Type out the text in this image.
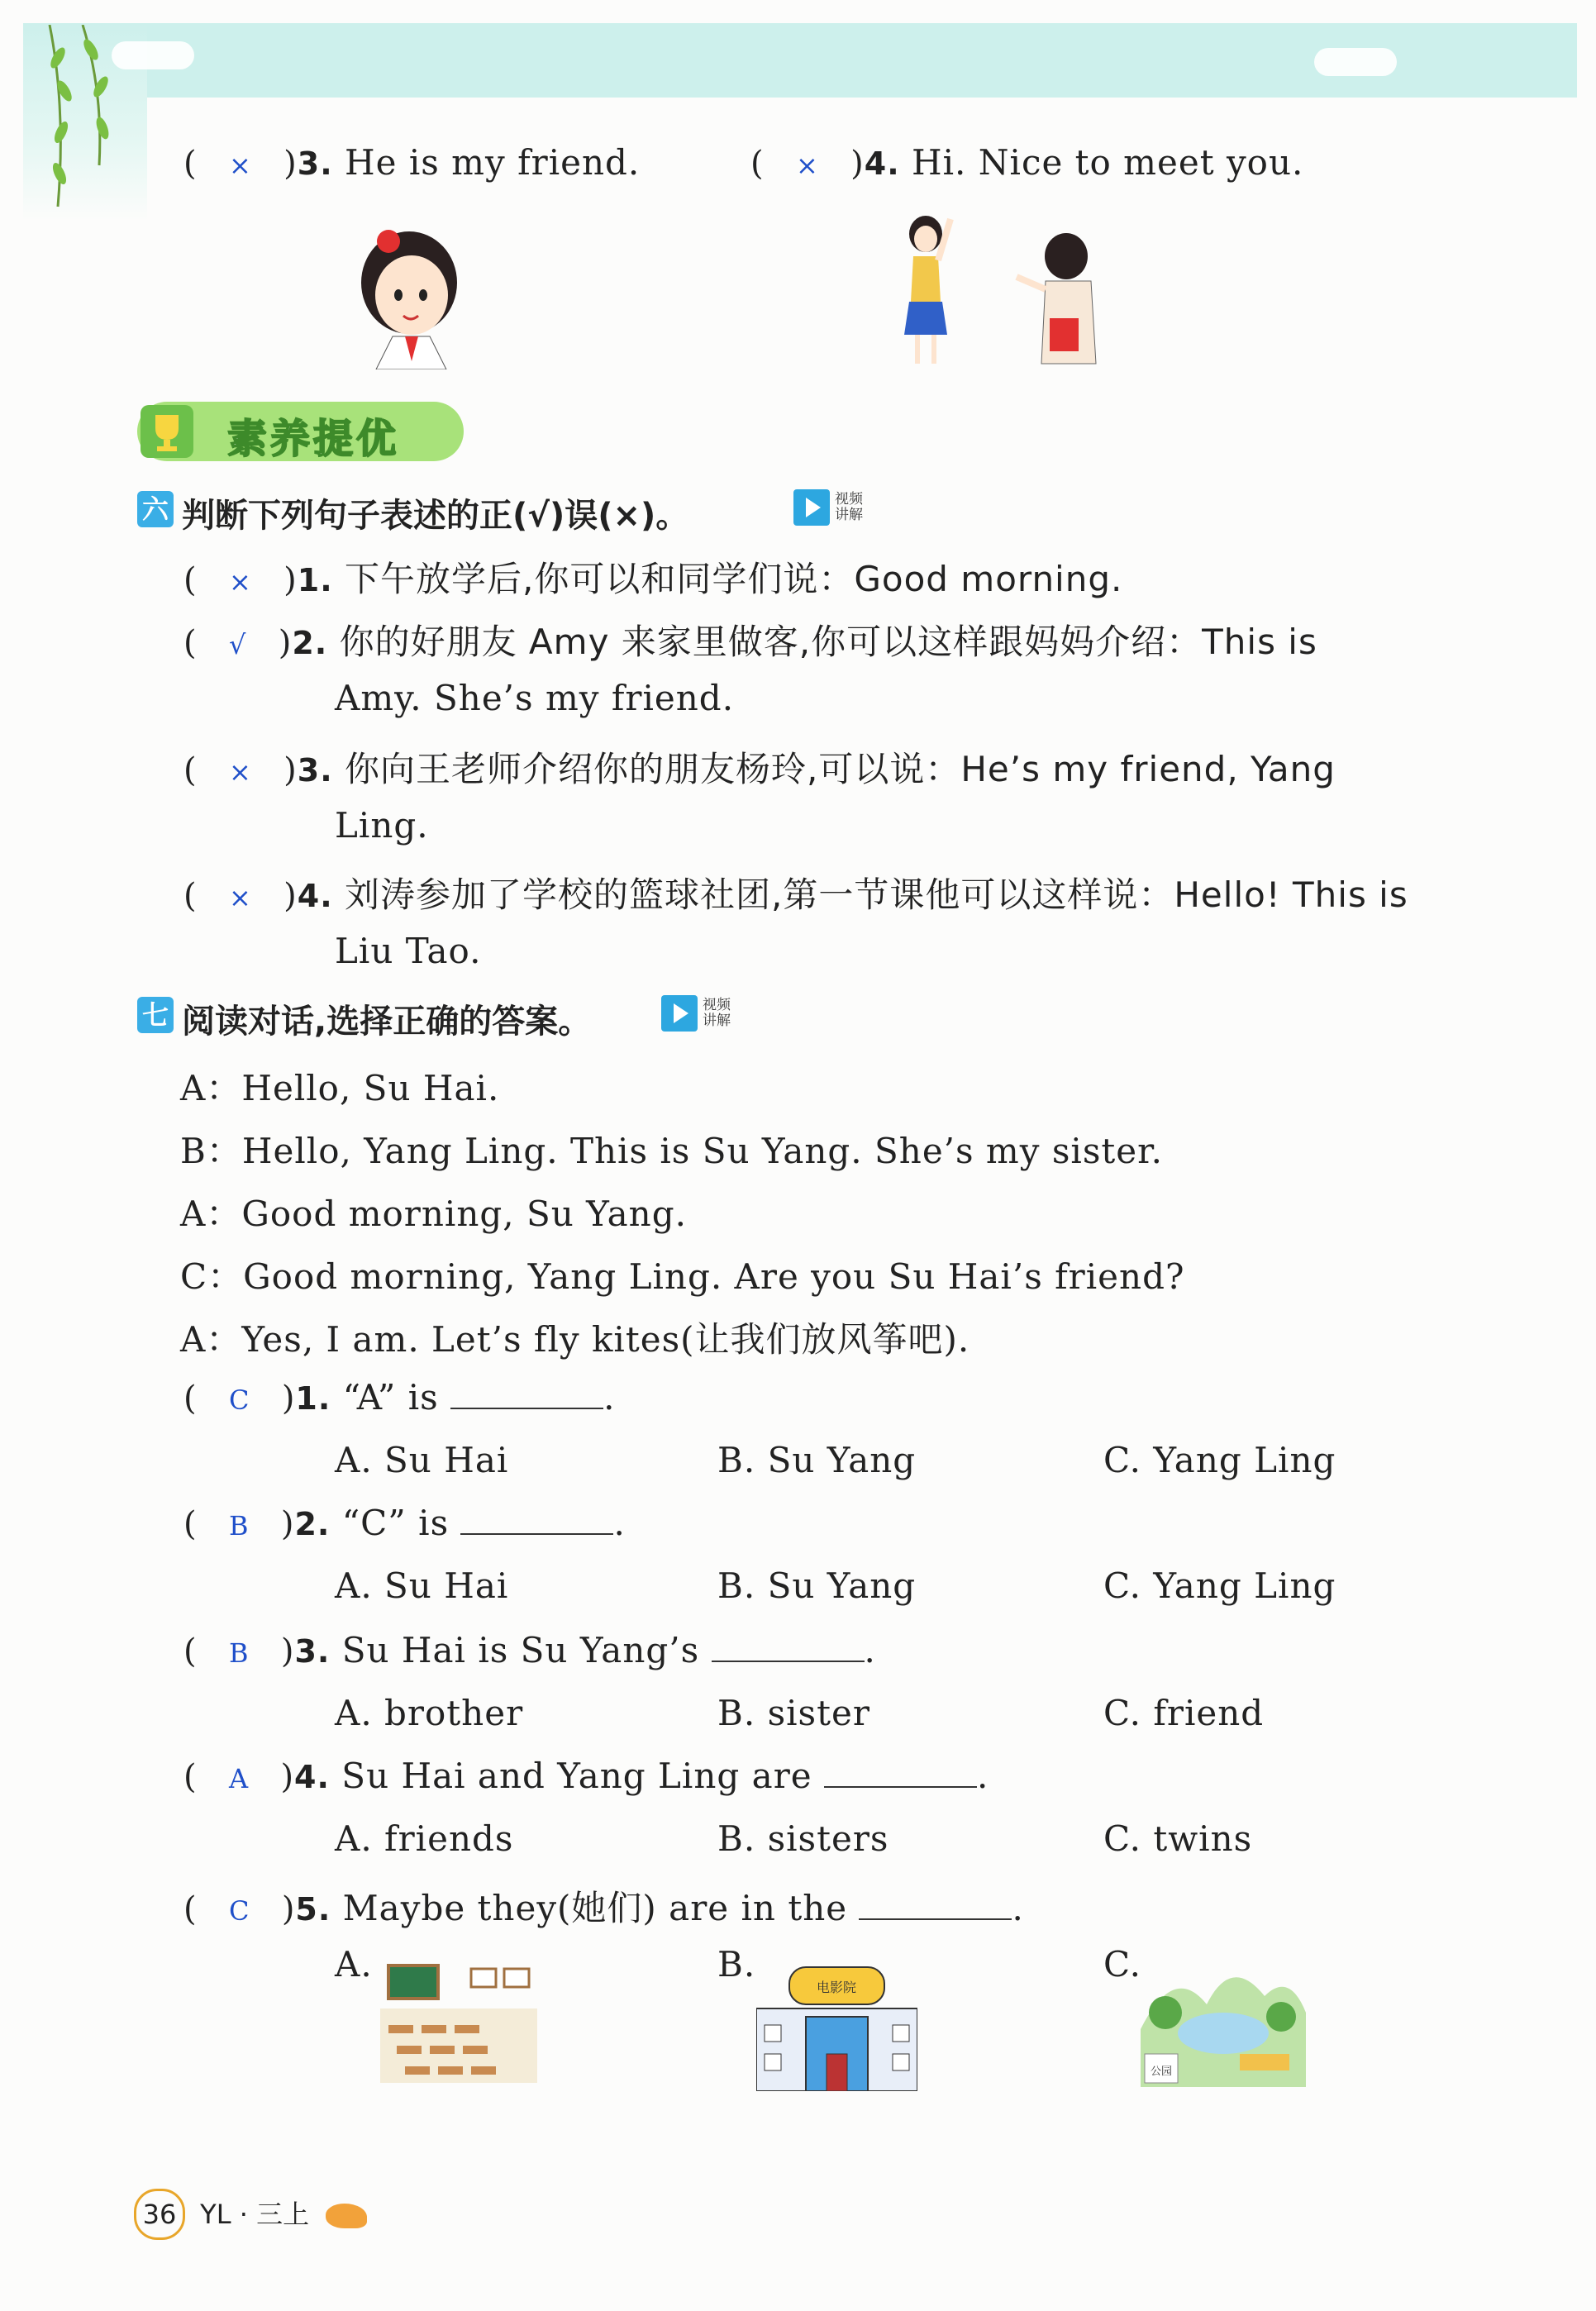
( × )3. He is my friend.	( × )4. Hi. Nice to meet you.
素养提优
六 判断下列句子表述的正(√)误(×)。	视频
讲解
( × )1. 下午放学后,你可以和同学们说：Good morning.
( √ )2. 你的好朋友 Amy 来家里做客,你可以这样跟妈妈介绍：This is
Amy. She’s my friend.
( × )3. 你向王老师介绍你的朋友杨玲,可以说：He’s my friend, Yang
Ling.
( × )4. 刘涛参加了学校的篮球社团,第一节课他可以这样说：Hello! This is
Liu Tao.
七 阅读对话,选择正确的答案。	视频
讲解
A：Hello, Su Hai.
B：Hello, Yang Ling. This is Su Yang. She’s my sister.
A：Good morning, Su Yang.
C：Good morning, Yang Ling. Are you Su Hai’s friend?
A：Yes, I am. Let’s fly kites(让我们放风筝吧).
( C )1. “A” is	.
A. Su Hai	B. Su Yang	C. Yang Ling
( B )2. “C” is	.
A. Su Hai	B. Su Yang	C. Yang Ling
( B )3. Su Hai is Su Yang’s	.
A. brother	B. sister	C. friend
( A )4. Su Hai and Yang Ling are	.
A. friends	B. sisters	C. twins
( C )5. Maybe they(她们) are in the	.
A.	B.	C.
电影院
公园
36 YL · 三上
